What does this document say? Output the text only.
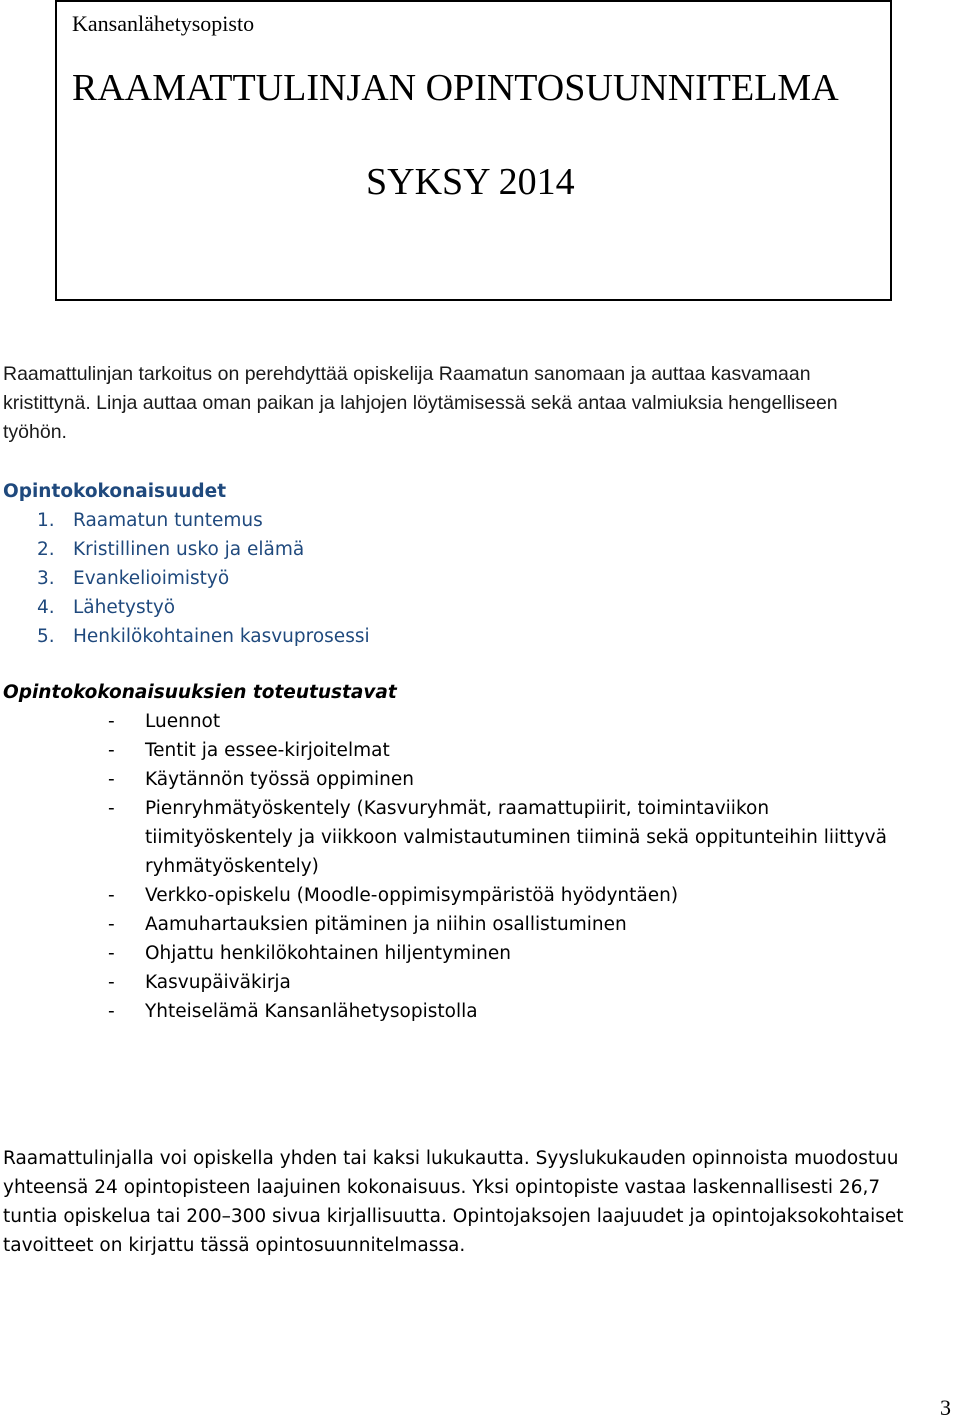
Kansanlähetysopisto
RAAMATTULINJAN OPINTOSUUNNITELMA
SYKSY 2014
Raamattulinjan tarkoitus on perehdyttää opiskelija Raamatun sanomaan ja auttaa kasvamaan
kristittynä. Linja auttaa oman paikan ja lahjojen löytämisessä sekä antaa valmiuksia hengelliseen
työhön.
Opintokokonaisuudet
1. Raamatun tuntemus
2. Kristillinen usko ja elämä
3. Evankelioimistyö
4. Lähetystyö
5. Henkilökohtainen kasvuprosessi
Opintokokonaisuuksien toteutustavat
- Luennot
- Tentit ja essee-kirjoitelmat
- Käytännön työssä oppiminen
- Pienryhmätyöskentely (Kasvuryhmät, raamattupiirit, toimintaviikon
tiimityöskentely ja viikkoon valmistautuminen tiiminä sekä oppitunteihin liittyvä
ryhmätyöskentely)
- Verkko-opiskelu (Moodle-oppimisympäristöä hyödyntäen)
- Aamuhartauksien pitäminen ja niihin osallistuminen
- Ohjattu henkilökohtainen hiljentyminen
- Kasvupäiväkirja
- Yhteiselämä Kansanlähetysopistolla
Raamattulinjalla voi opiskella yhden tai kaksi lukukautta. Syyslukukauden opinnoista muodostuu
yhteensä 24 opintopisteen laajuinen kokonaisuus. Yksi opintopiste vastaa laskennallisesti 26,7
tuntia opiskelua tai 200–300 sivua kirjallisuutta. Opintojaksojen laajuudet ja opintojaksokohtaiset
tavoitteet on kirjattu tässä opintosuunnitelmassa.
3
